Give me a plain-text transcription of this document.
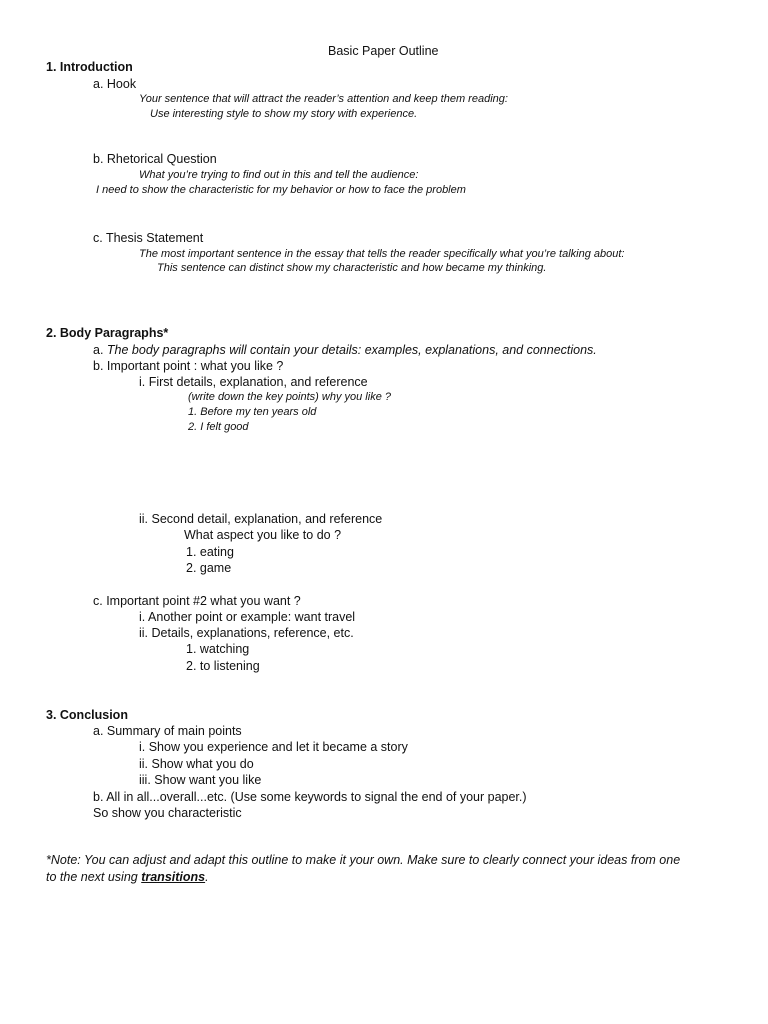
Basic Paper Outline
1. Introduction
a. Hook
Your sentence that will attract the reader’s attention and keep them reading:
Use interesting style to show my story with experience.
b. Rhetorical Question
What you’re trying to find out in this and tell the audience:
I need to show the characteristic for my behavior or how to face the problem
c. Thesis Statement
The most important sentence in the essay that tells the reader specifically what you’re talking about:
This sentence can distinct show my characteristic and how became my thinking.
2. Body Paragraphs*
a. The body paragraphs will contain your details: examples, explanations, and connections.
b. Important point : what you like ?
i. First details, explanation, and reference
(write down the key points) why you like ?
1. Before my ten years old
2. I felt good
ii. Second detail, explanation, and reference
What aspect you like to do ?
1. eating
2. game
c. Important point #2 what you want ?
i. Another point or example: want travel
ii. Details, explanations, reference, etc.
1. watching
2. to listening
3. Conclusion
a. Summary of main points
i. Show you experience and let it became a story
ii. Show what you do
iii. Show want you like
b. All in all...overall...etc. (Use some keywords to signal the end of your paper.)
So show you characteristic
*Note: You can adjust and adapt this outline to make it your own. Make sure to clearly connect your ideas from one
to the next using transitions.
